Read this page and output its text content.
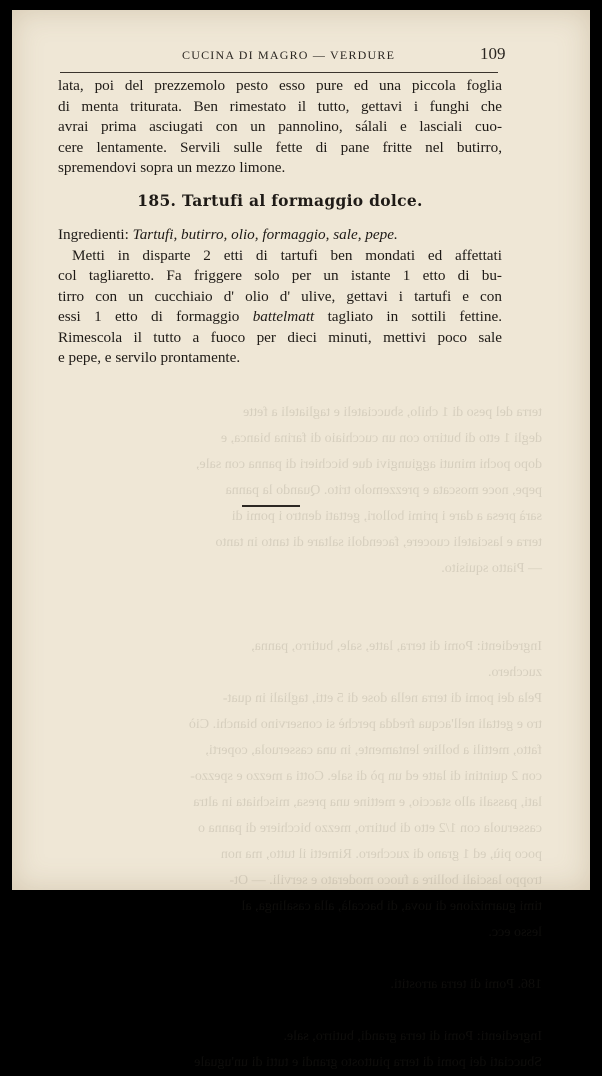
terra del peso di 1 chilo, sbucciateli e tagliateli a fette
degli 1 etto di butirro con un cucchiaio di farina bianca, e
dopo pochi minuti aggiungivi due bicchieri di panna con sale,
pepe, noce moscata e prezzemolo trito. Quando la panna
sarà presa a dare i primi bollori, gettati dentro i pomi di
terra e lasciateli cuocere, facendoli saltare di tanto in tanto
— Piatto squisito.

Ingredienti: Pomi di terra, latte, sale, butirro, panna,
zucchero.
Pela dei pomi di terra nella dose di 5 etti, tagliali in quat-
tro e gettali nell'acqua fredda perchè si conservino bianchi. Ciò
fatto, mettili a bollire lentamente, in una casseruola, coperti,
con 2 quintini di latte ed un pò di sale. Cotti a mezzo e spezzo-
lati, passali allo staccio, e mettine una presa, mischiata in altra
casseruola con 1/2 etto di butirro, mezzo bicchiere di panna o
poco più, ed 1 grano di zucchero. Rimetti il tutto, ma non
troppo lasciali bollire a fuoco moderato e servili. — Ot-
timi guarnizione di uova, di baccalà, alla casalinga, al
lesso ecc.

186. Pomi di terra arrostiti.

Ingredienti: Pomi di terra grandi, butirro, sale.
Sbucciati dei pomi di terra piuttosto grandi e tutti di un'uguale
CUCINA DI MAGRO — VERDURE	109
lata, poi del prezzemolo pesto esso pure ed una piccola foglia
di menta triturata. Ben rimestato il tutto, gettavi i funghi che
avrai prima asciugati con un pannolino, sálali e lasciali cuo-
cere lentamente. Servili sulle fette di pane fritte nel butirro,
spremendovi sopra un mezzo limone.
185. Tartufi al formaggio dolce.
Ingredienti: Tartufi, butirro, olio, formaggio, sale, pepe.
Metti in disparte 2 etti di tartufi ben mondati ed affettati
col tagliaretto. Fa friggere solo per un istante 1 etto di bu-
tirro con un cucchiaio d' olio d' ulive, gettavi i tartufi e con
essi 1 etto di formaggio battelmatt tagliato in sottili fettine.
Rimescola il tutto a fuoco per dieci minuti, mettivi poco sale
e pepe, e servilo prontamente.
